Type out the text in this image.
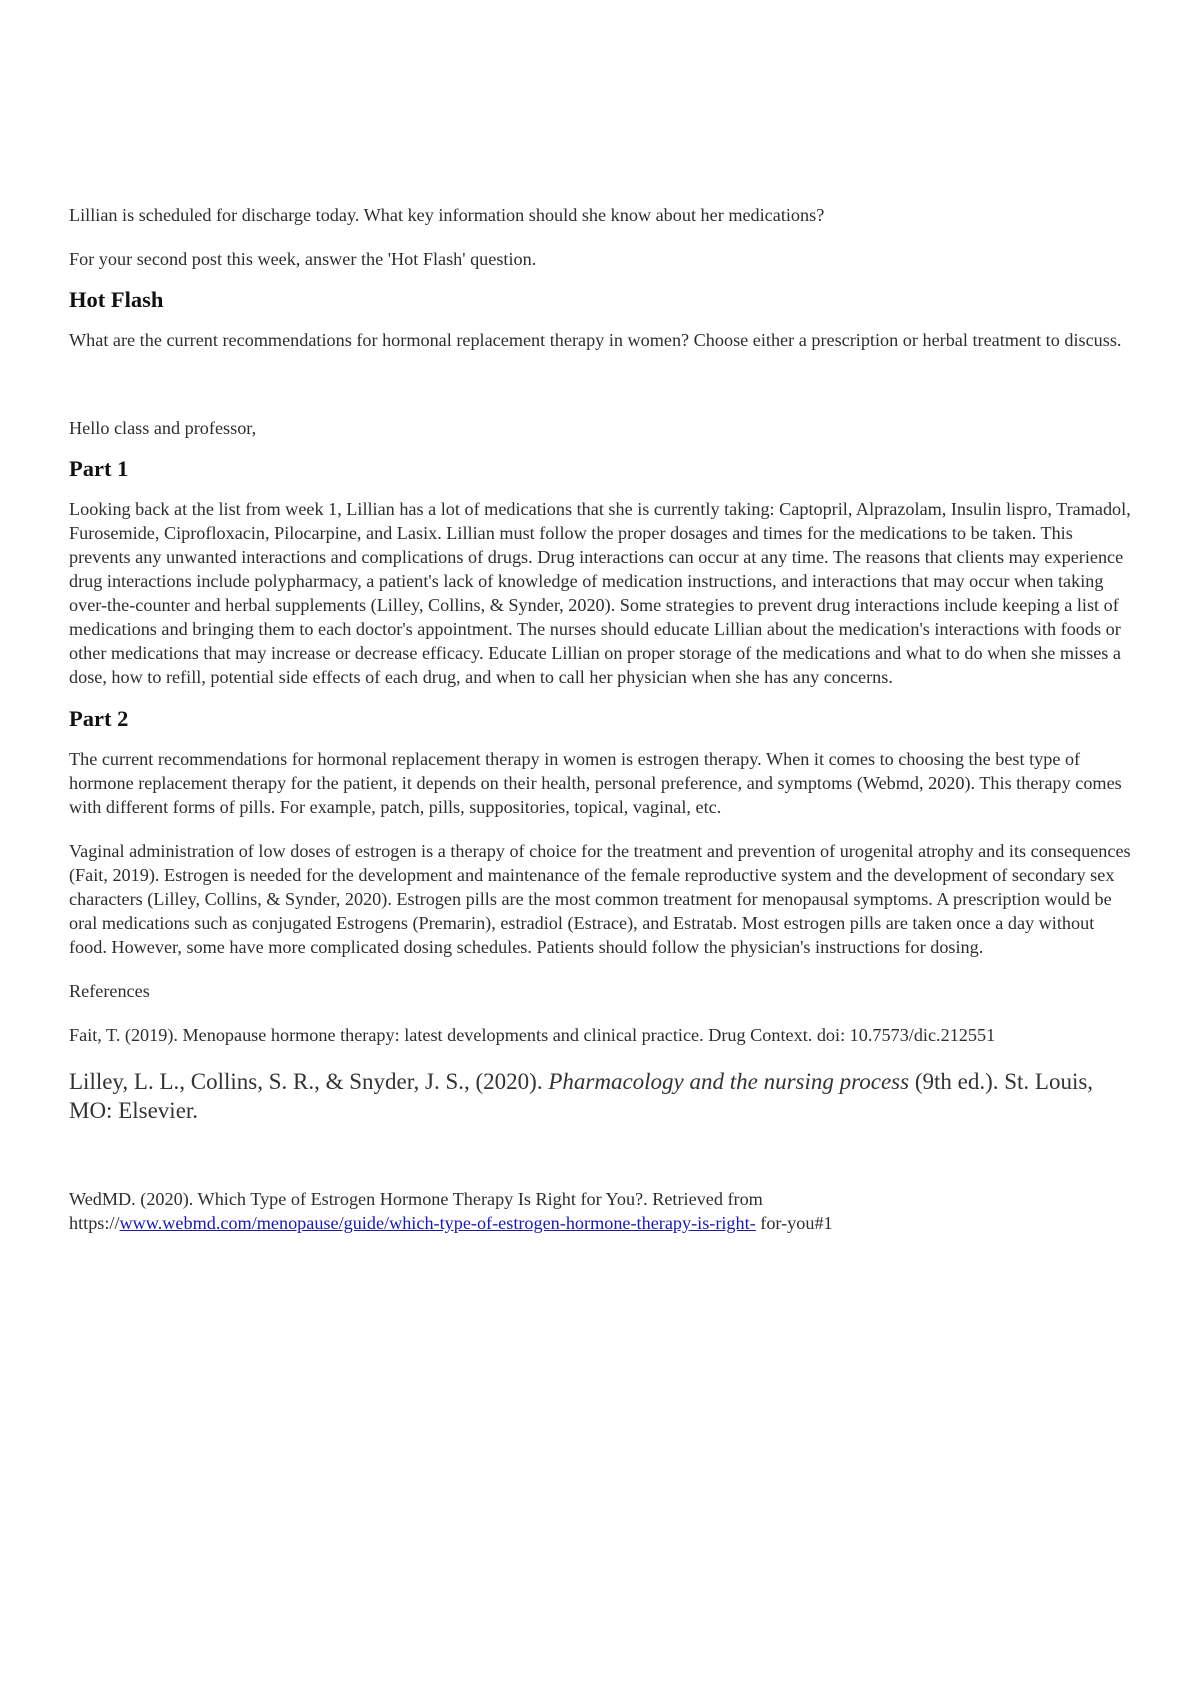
Lillian is scheduled for discharge today. What key information should she know about her medications?

For your second post this week, answer the 'Hot Flash' question.

Hot Flash

What are the current recommendations for hormonal replacement therapy in women? Choose either a prescription or herbal treatment to discuss.

Hello class and professor,

Part 1

Looking back at the list from week 1, Lillian has a lot of medications that she is currently taking: Captopril, Alprazolam, Insulin lispro, Tramadol, Furosemide, Ciprofloxacin, Pilocarpine, and Lasix. Lillian must follow the proper dosages and times for the medications to be taken. This prevents any unwanted interactions and complications of drugs. Drug interactions can occur at any time. The reasons that clients may experience drug interactions include polypharmacy, a patient's lack of knowledge of medication instructions, and interactions that may occur when taking over-the-counter and herbal supplements (Lilley, Collins, & Synder, 2020). Some strategies to prevent drug interactions include keeping a list of medications and bringing them to each doctor's appointment. The nurses should educate Lillian about the medication's interactions with foods or other medications that may increase or decrease efficacy. Educate Lillian on proper storage of the medications and what to do when she misses a dose, how to refill, potential side effects of each drug, and when to call her physician when she has any concerns.

Part 2

The current recommendations for hormonal replacement therapy in women is estrogen therapy. When it comes to choosing the best type of hormone replacement therapy for the patient, it depends on their health, personal preference, and symptoms (Webmd, 2020). This therapy comes with different forms of pills. For example, patch, pills, suppositories, topical, vaginal, etc.

Vaginal administration of low doses of estrogen is a therapy of choice for the treatment and prevention of urogenital atrophy and its consequences (Fait, 2019). Estrogen is needed for the development and maintenance of the female reproductive system and the development of secondary sex characters (Lilley, Collins, & Synder, 2020). Estrogen pills are the most common treatment for menopausal symptoms. A prescription would be oral medications such as conjugated Estrogens (Premarin), estradiol (Estrace), and Estratab. Most estrogen pills are taken once a day without food. However, some have more complicated dosing schedules. Patients should follow the physician's instructions for dosing.

References

Fait, T. (2019). Menopause hormone therapy: latest developments and clinical practice. Drug Context. doi: 10.7573/dic.212551

Lilley, L. L., Collins, S. R., & Snyder, J. S., (2020). Pharmacology and the nursing process (9th ed.). St. Louis, MO: Elsevier.

WedMD. (2020). Which Type of Estrogen Hormone Therapy Is Right for You?. Retrieved from https://www.webmd.com/menopause/guide/which-type-of-estrogen-hormone-therapy-is-right- for-you#1
